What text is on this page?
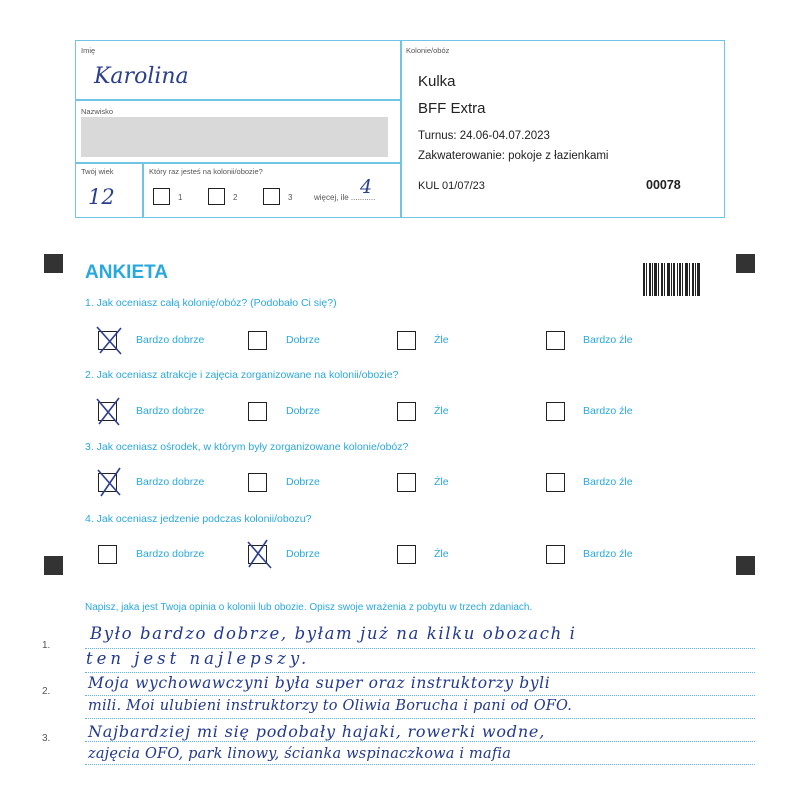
Imię
Karolina
Nazwisko
Twój wiek
12
Który raz jesteś na kolonii/obozie?
1	2	3	więcej, ile ...........
4
Kolonie/obóz
Kulka
BFF Extra
Turnus: 24.06-04.07.2023
Zakwaterowanie: pokoje z łazienkami
KUL 01/07/23	00078
ANKIETA
1. Jak oceniasz całą kolonię/obóz? (Podobało Ci się?)
Bardzo dobrze	Dobrze	Źle	Bardzo źle
2. Jak oceniasz atrakcje i zajęcia zorganizowane na kolonii/obozie?
Bardzo dobrze	Dobrze	Źle	Bardzo źle
3. Jak oceniasz ośrodek, w którym były zorganizowane kolonie/obóz?
Bardzo dobrze	Dobrze	Źle	Bardzo źle
4. Jak oceniasz jedzenie podczas kolonii/obozu?
Bardzo dobrze	Dobrze	Źle	Bardzo źle
Napisz, jaka jest Twoja opinia o kolonii lub obozie. Opisz swoje wrażenia z pobytu w trzech zdaniach.
1.
2.
3.
Było bardzo dobrze, byłam już na kilku obozach i
ten jest najlepszy.
Moja wychowawczyni była super oraz instruktorzy byli
mili. Moi ulubieni instruktorzy to Oliwia Borucha i pani od OFO.
Najbardziej mi się podobały hajaki, rowerki wodne,
zajęcia OFO, park linowy, ścianka wspinaczkowa i mafia
